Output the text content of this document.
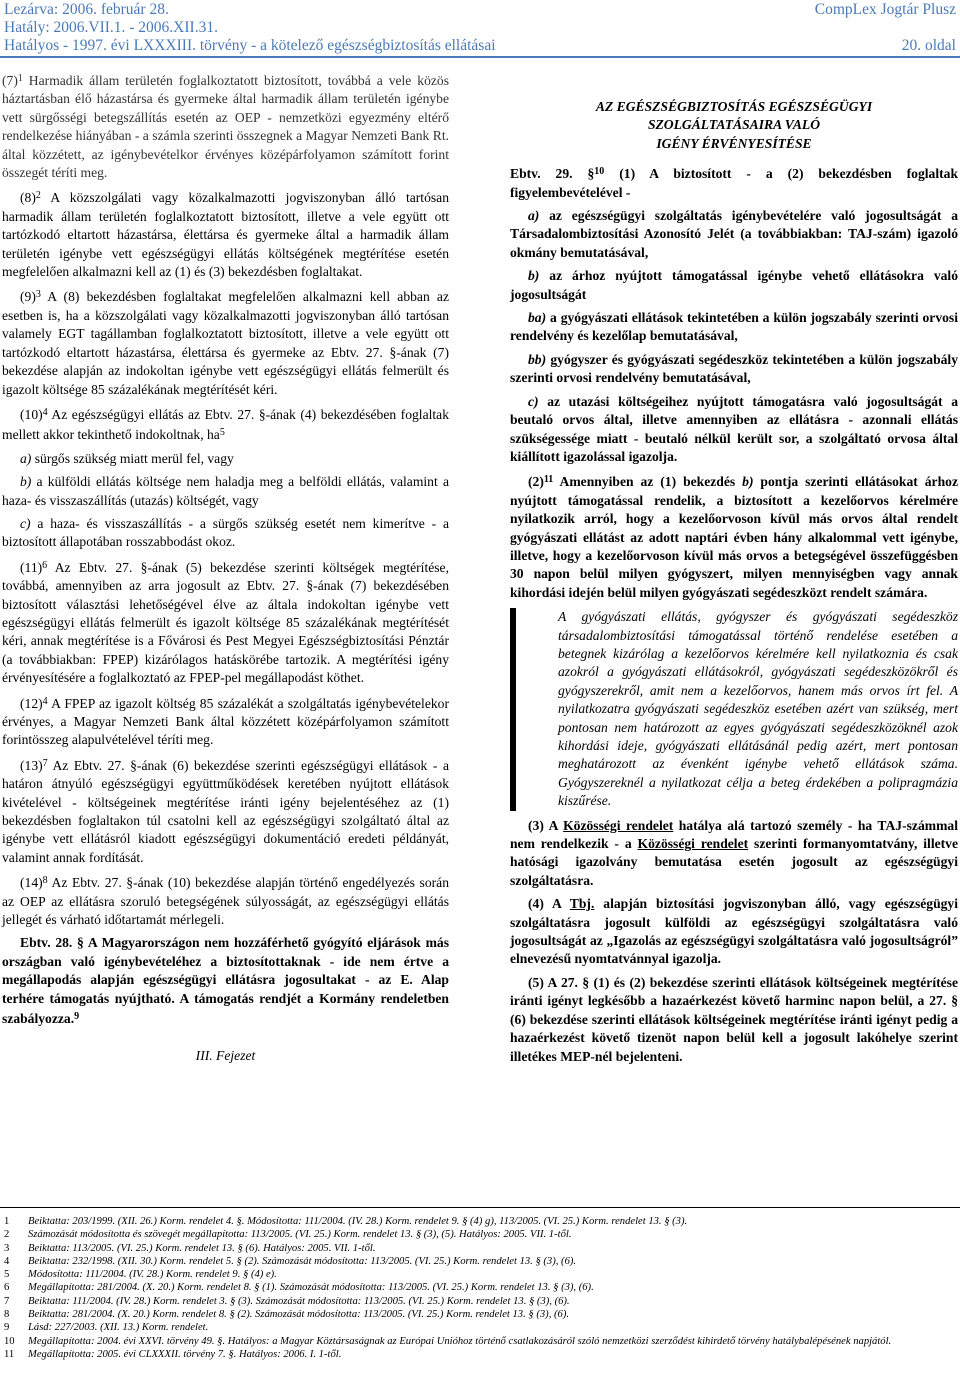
Lezárva: 2006. február 28.
Hatály: 2006.VII.1. - 2006.XII.31.
Hatályos - 1997. évi LXXXIII. törvény - a kötelező egészségbiztosítás ellátásai
CompLex Jogtár Plusz
20. oldal

$(7)^1$ Harmadik állam területén foglalkoztatott biztosított, továbbá a vele közös háztartásban élő házastársa és gyermeke által harmadik állam területén igénybe vett sürgősségi betegszállítás esetén az OEP - nemzetközi egyezmény eltérő rendelkezése hiányában - a számla szerinti összegnek a Magyar Nemzeti Bank Rt. által közzétett, az igénybevételkor érvényes középárfolyamon számított forint összegét téríti meg.

$(8)^2$ A közszolgálati vagy közalkalmazotti jogviszonyban álló tartósan harmadik állam területén foglalkoztatott biztosított, illetve a vele együtt ott tartózkodó eltartott házastársa, élettársa és gyermeke által a harmadik állam területén igénybe vett egészségügyi ellátás költségének megtérítése esetén megfelelően alkalmazni kell az (1) és (3) bekezdésben foglaltakat.

$(9)^3$ A (8) bekezdésben foglaltakat megfelelően alkalmazni kell abban az esetben is, ha a közszolgálati vagy közalkalmazotti jogviszonyban álló tartósan valamely EGT tagállamban foglalkoztatott biztosított, illetve a vele együtt ott tartózkodó eltartott házastársa, élettársa és gyermeke az Ebtv. 27. §-ának (7) bekezdése alapján az indokoltan igénybe vett egészségügyi ellátás felmerült és igazolt költsége 85 százalékának megtérítését kéri.

$(10)^4$ Az egészségügyi ellátás az Ebtv. 27. §-ának (4) bekezdésében foglaltak mellett akkor tekinthető indokoltnak, $ha^5$

a) sürgős szükség miatt merül fel, vagy

b) a külföldi ellátás költsége nem haladja meg a belföldi ellátás, valamint a haza- és visszaszállítás (utazás) költségét, vagy

c) a haza- és visszaszállítás - a sürgős szükség esetét nem kimerítve - a biztosított állapotában rosszabbodást okoz.

$(11)^6$ Az Ebtv. 27. §-ának (5) bekezdése szerinti költségek megtérítése, továbbá, amennyiben az arra jogosult az Ebtv. 27. §-ának (7) bekezdésében biztosított választási lehetőségével élve az általa indokoltan igénybe vett egészségügyi ellátás felmerült és igazolt költsége 85 százalékának megtérítését kéri, annak megtérítése is a Fővárosi és Pest Megyei Egészségbiztosítási Pénztár (a továbbiakban: FPEP) kizárólagos hatáskörébe tartozik. A megtérítési igény érvényesítésére a foglalkoztató az FPEP-pel megállapodást köthet.

$(12)^4$ A FPEP az igazolt költség 85 százalékát a szolgáltatás igénybevételekor érvényes, a Magyar Nemzeti Bank által közzétett középárfolyamon számított forintösszeg alapulvételével téríti meg.

$(13)^7$ Az Ebtv. 27. §-ának (6) bekezdése szerinti egészségügyi ellátások - a határon átnyúló egészségügyi együttműködések keretében nyújtott ellátások kivételével - költségeinek megtérítése iránti igény bejelentéséhez az (1) bekezdésben foglaltakon túl csatolni kell az egészségügyi szolgáltató által az igénybe vett ellátásról kiadott egészségügyi dokumentáció eredeti példányát, valamint annak fordítását.

$(14)^8$ Az Ebtv. 27. §-ának (10) bekezdése alapján történő engedélyezés során az OEP az ellátásra szoruló betegségének súlyosságát, az egészségügyi ellátás jellegét és várható időtartamát mérlegeli.

Ebtv. 28. § A Magyarországon nem hozzáférhető gyógyító eljárások más országban való igénybevételéhez a biztosítottaknak - ide nem értve a megállapodás alapján egészségügyi ellátásra jogosultakat - az E. Alap terhére támogatás nyújtható. A támogatás rendjét a Kormány rendeletben szabályozza.$^9$

III. Fejezet

AZ EGÉSZSÉGBIZTOSÍTÁS EGÉSZSÉGÜGYI
SZOLGÁLTATÁSAIRA VALÓ
IGÉNY ÉRVÉNYESÍTÉSE

Ebtv. 29. §$^{10}$ (1) A biztosított - a (2) bekezdésben foglaltak figyelembevételével -

a) az egészségügyi szolgáltatás igénybevételére való jogosultságát a Társadalombiztosítási Azonosító Jelét (a továbbiakban: TAJ-szám) igazoló okmány bemutatásával,

b) az árhoz nyújtott támogatással igénybe vehető ellátásokra való jogosultságát

ba) a gyógyászati ellátások tekintetében a külön jogszabály szerinti orvosi rendelvény és kezelőlap bemutatásával,

bb) gyógyszer és gyógyászati segédeszköz tekintetében a külön jogszabály szerinti orvosi rendelvény bemutatásával,

c) az utazási költségeihez nyújtott támogatásra való jogosultságát a beutaló orvos által, illetve amennyiben az ellátásra - azonnali ellátás szükségessége miatt - beutaló nélkül került sor, a szolgáltató orvosa által kiállított igazolással igazolja.

$(2)^{11}$ Amennyiben az (1) bekezdés b) pontja szerinti ellátásokat árhoz nyújtott támogatással rendelik, a biztosított a kezelőorvos kérelmére nyilatkozik arról, hogy a kezelőorvoson kívül más orvos által rendelt gyógyászati ellátást az adott naptári évben hány alkalommal vett igénybe, illetve, hogy a kezelőorvoson kívül más orvos a betegségével összefüggésben 30 napon belül milyen gyógyszert, milyen mennyiségben vagy annak kihordási idején belül milyen gyógyászati segédeszközt rendelt számára.

A gyógyászati ellátás, gyógyszer és gyógyászati segédeszköz társadalombiztosítási támogatással történő rendelése esetében a betegnek kizárólag a kezelőorvos kérelmére kell nyilatkoznia és csak azokról a gyógyászati ellátásokról, gyógyászati segédeszközökről és gyógyszerekről, amit nem a kezelőorvos, hanem más orvos írt fel. A nyilatkozatra gyógyászati segédeszköz esetében azért van szükség, mert pontosan nem határozott az egyes gyógyászati segédeszközöknél azok kihordási ideje, gyógyászati ellátásánál pedig azért, mert pontosan meghatározott az évenként igénybe vehető ellátások száma. Gyógyszereknél a nyilatkozat célja a beteg érdekében a polipragmázia kiszűrése.

(3) A Közösségi rendelet hatálya alá tartozó személy - ha TAJ-számmal nem rendelkezik - a Közösségi rendelet szerinti formanyomtatvány, illetve hatósági igazolvány bemutatása esetén jogosult az egészségügyi szolgáltatásra.

(4) A Tbj. alapján biztosítási jogviszonyban álló, vagy egészségügyi szolgáltatásra jogosult külföldi az egészségügyi szolgáltatásra való jogosultságát az „Igazolás az egészségügyi szolgáltatásra való jogosultságról” elnevezésű nyomtatvánnyal igazolja.

(5) A 27. § (1) és (2) bekezdése szerinti ellátások költségeinek megtérítése iránti igényt legkésőbb a hazaérkezést követő harminc napon belül, a 27. § (6) bekezdése szerinti ellátások költségeinek megtérítése iránti igényt pedig a hazaérkezést követő tizenöt napon belül kell a jogosult lakóhelye szerint illetékes MEP-nél bejelenteni.

1 Beiktatta: 203/1999. (XII. 26.) Korm. rendelet 4. §. Módosította: 111/2004. (IV. 28.) Korm. rendelet 9. § (4) g), 113/2005. (VI. 25.) Korm. rendelet 13. § (3).
2 Számozását módosította és szövegét megállapította: 113/2005. (VI. 25.) Korm. rendelet 13. § (3), (5). Hatályos: 2005. VII. 1-től.
3 Beiktatta: 113/2005. (VI. 25.) Korm. rendelet 13. § (6). Hatályos: 2005. VII. 1-től.
4 Beiktatta: 232/1998. (XII. 30.) Korm. rendelet 5. § (2). Számozását módosította: 113/2005. (VI. 25.) Korm. rendelet 13. § (3), (6).
5 Módosította: 111/2004. (IV. 28.) Korm. rendelet 9. § (4) e).
6 Megállapította: 281/2004. (X. 20.) Korm. rendelet 8. § (1). Számozását módosította: 113/2005. (VI. 25.) Korm. rendelet 13. § (3), (6).
7 Beiktatta: 111/2004. (IV. 28.) Korm. rendelet 3. § (3). Számozását módosította: 113/2005. (VI. 25.) Korm. rendelet 13. § (3), (6).
8 Beiktatta: 281/2004. (X. 20.) Korm. rendelet 8. § (2). Számozását módosította: 113/2005. (VI. 25.) Korm. rendelet 13. § (3), (6).
9 Lásd: 227/2003. (XII. 13.) Korm. rendelet.
10 Megállapította: 2004. évi XXVI. törvény 49. §. Hatályos: a Magyar Köztársaságnak az Európai Unióhoz történő csatlakozásáról szóló nemzetközi szerződést kihirdető törvény hatálybalépésének napjától.
11 Megállapította: 2005. évi CLXXXII. törvény 7. §. Hatályos: 2006. I. 1-től.
